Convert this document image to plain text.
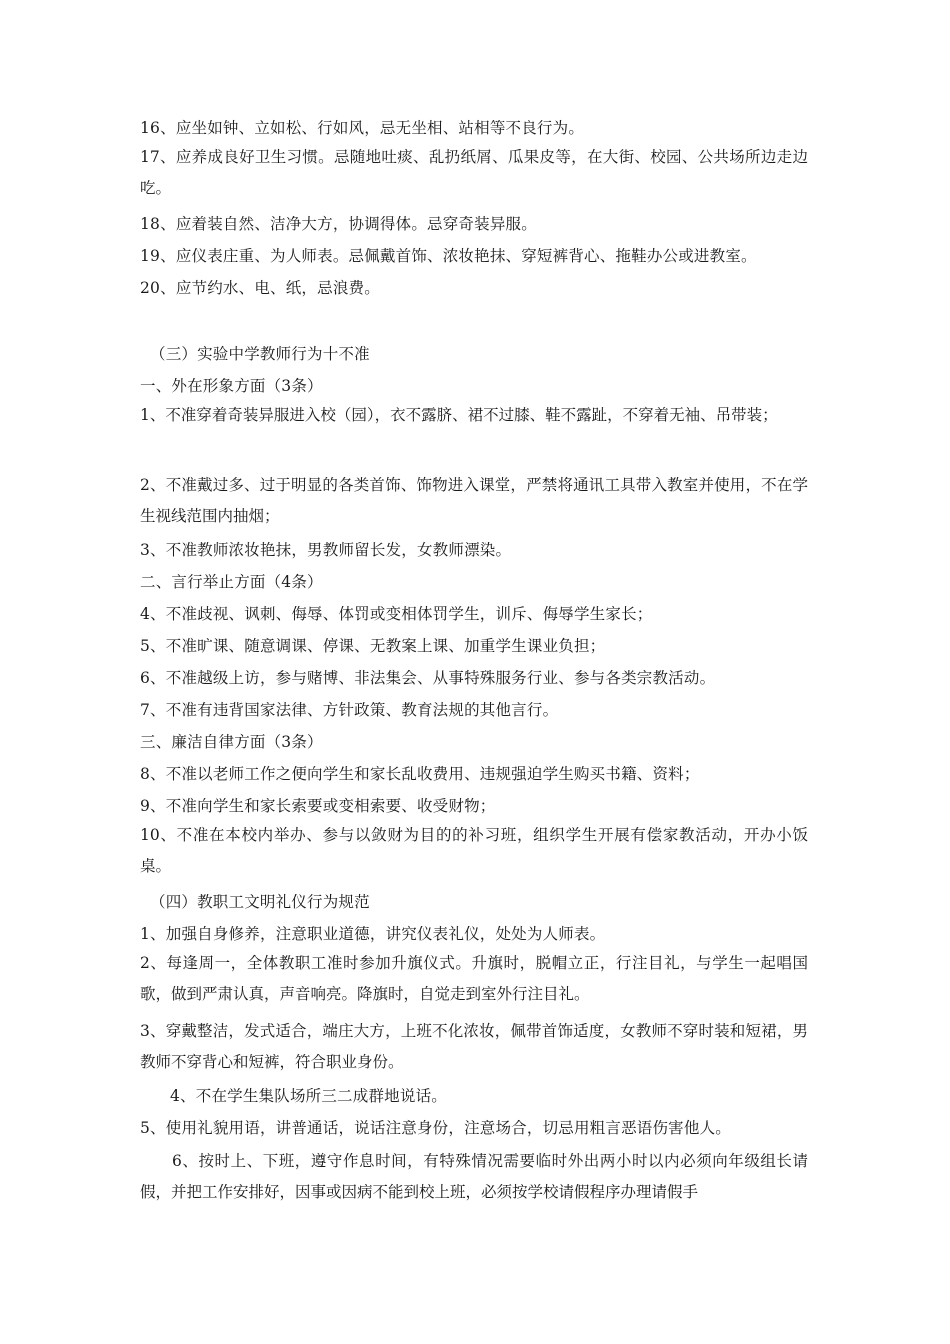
16、应坐如钟、立如松、行如风，忌无坐相、站相等不良行为。
17、应养成良好卫生习惯。忌随地吐痰、乱扔纸屑、瓜果皮等，在大街、校园、公共场所边走边吃。
18、应着装自然、洁净大方，协调得体。忌穿奇装异服。
19、应仪表庄重、为人师表。忌佩戴首饰、浓妆艳抹、穿短裤背心、拖鞋办公或进教室。
20、应节约水、电、纸，忌浪费。
（三）实验中学教师行为十不准
一、外在形象方面（3条）
1、不准穿着奇装异服进入校（园），衣不露脐、裙不过膝、鞋不露趾，不穿着无袖、吊带装；
2、不准戴过多、过于明显的各类首饰、饰物进入课堂，严禁将通讯工具带入教室并使用，不在学生视线范围内抽烟；
3、不准教师浓妆艳抹，男教师留长发，女教师漂染。
二、言行举止方面（4条）
4、不准歧视、讽刺、侮辱、体罚或变相体罚学生，训斥、侮辱学生家长；
5、不准旷课、随意调课、停课、无教案上课、加重学生课业负担；
6、不准越级上访，参与赌博、非法集会、从事特殊服务行业、参与各类宗教活动。
7、不准有违背国家法律、方针政策、教育法规的其他言行。
三、廉洁自律方面（3条）
8、不准以老师工作之便向学生和家长乱收费用、违规强迫学生购买书籍、资料；
9、不准向学生和家长索要或变相索要、收受财物；
10、不准在本校内举办、参与以敛财为目的的补习班，组织学生开展有偿家教活动，开办小饭桌。
（四）教职工文明礼仪行为规范
1、加强自身修养，注意职业道德，讲究仪表礼仪，处处为人师表。
2、每逢周一，全体教职工准时参加升旗仪式。升旗时，脱帽立正，行注目礼，与学生一起唱国歌，做到严肃认真，声音响亮。降旗时，自觉走到室外行注目礼。
3、穿戴整洁，发式适合，端庄大方，上班不化浓妆，佩带首饰适度，女教师不穿时装和短裙，男教师不穿背心和短裤，符合职业身份。
4、不在学生集队场所三二成群地说话。
5、使用礼貌用语，讲普通话，说话注意身份，注意场合，切忌用粗言恶语伤害他人。
6、按时上、下班，遵守作息时间，有特殊情况需要临时外出两小时以内必须向年级组长请假，并把工作安排好，因事或因病不能到校上班，必须按学校请假程序办理请假手
